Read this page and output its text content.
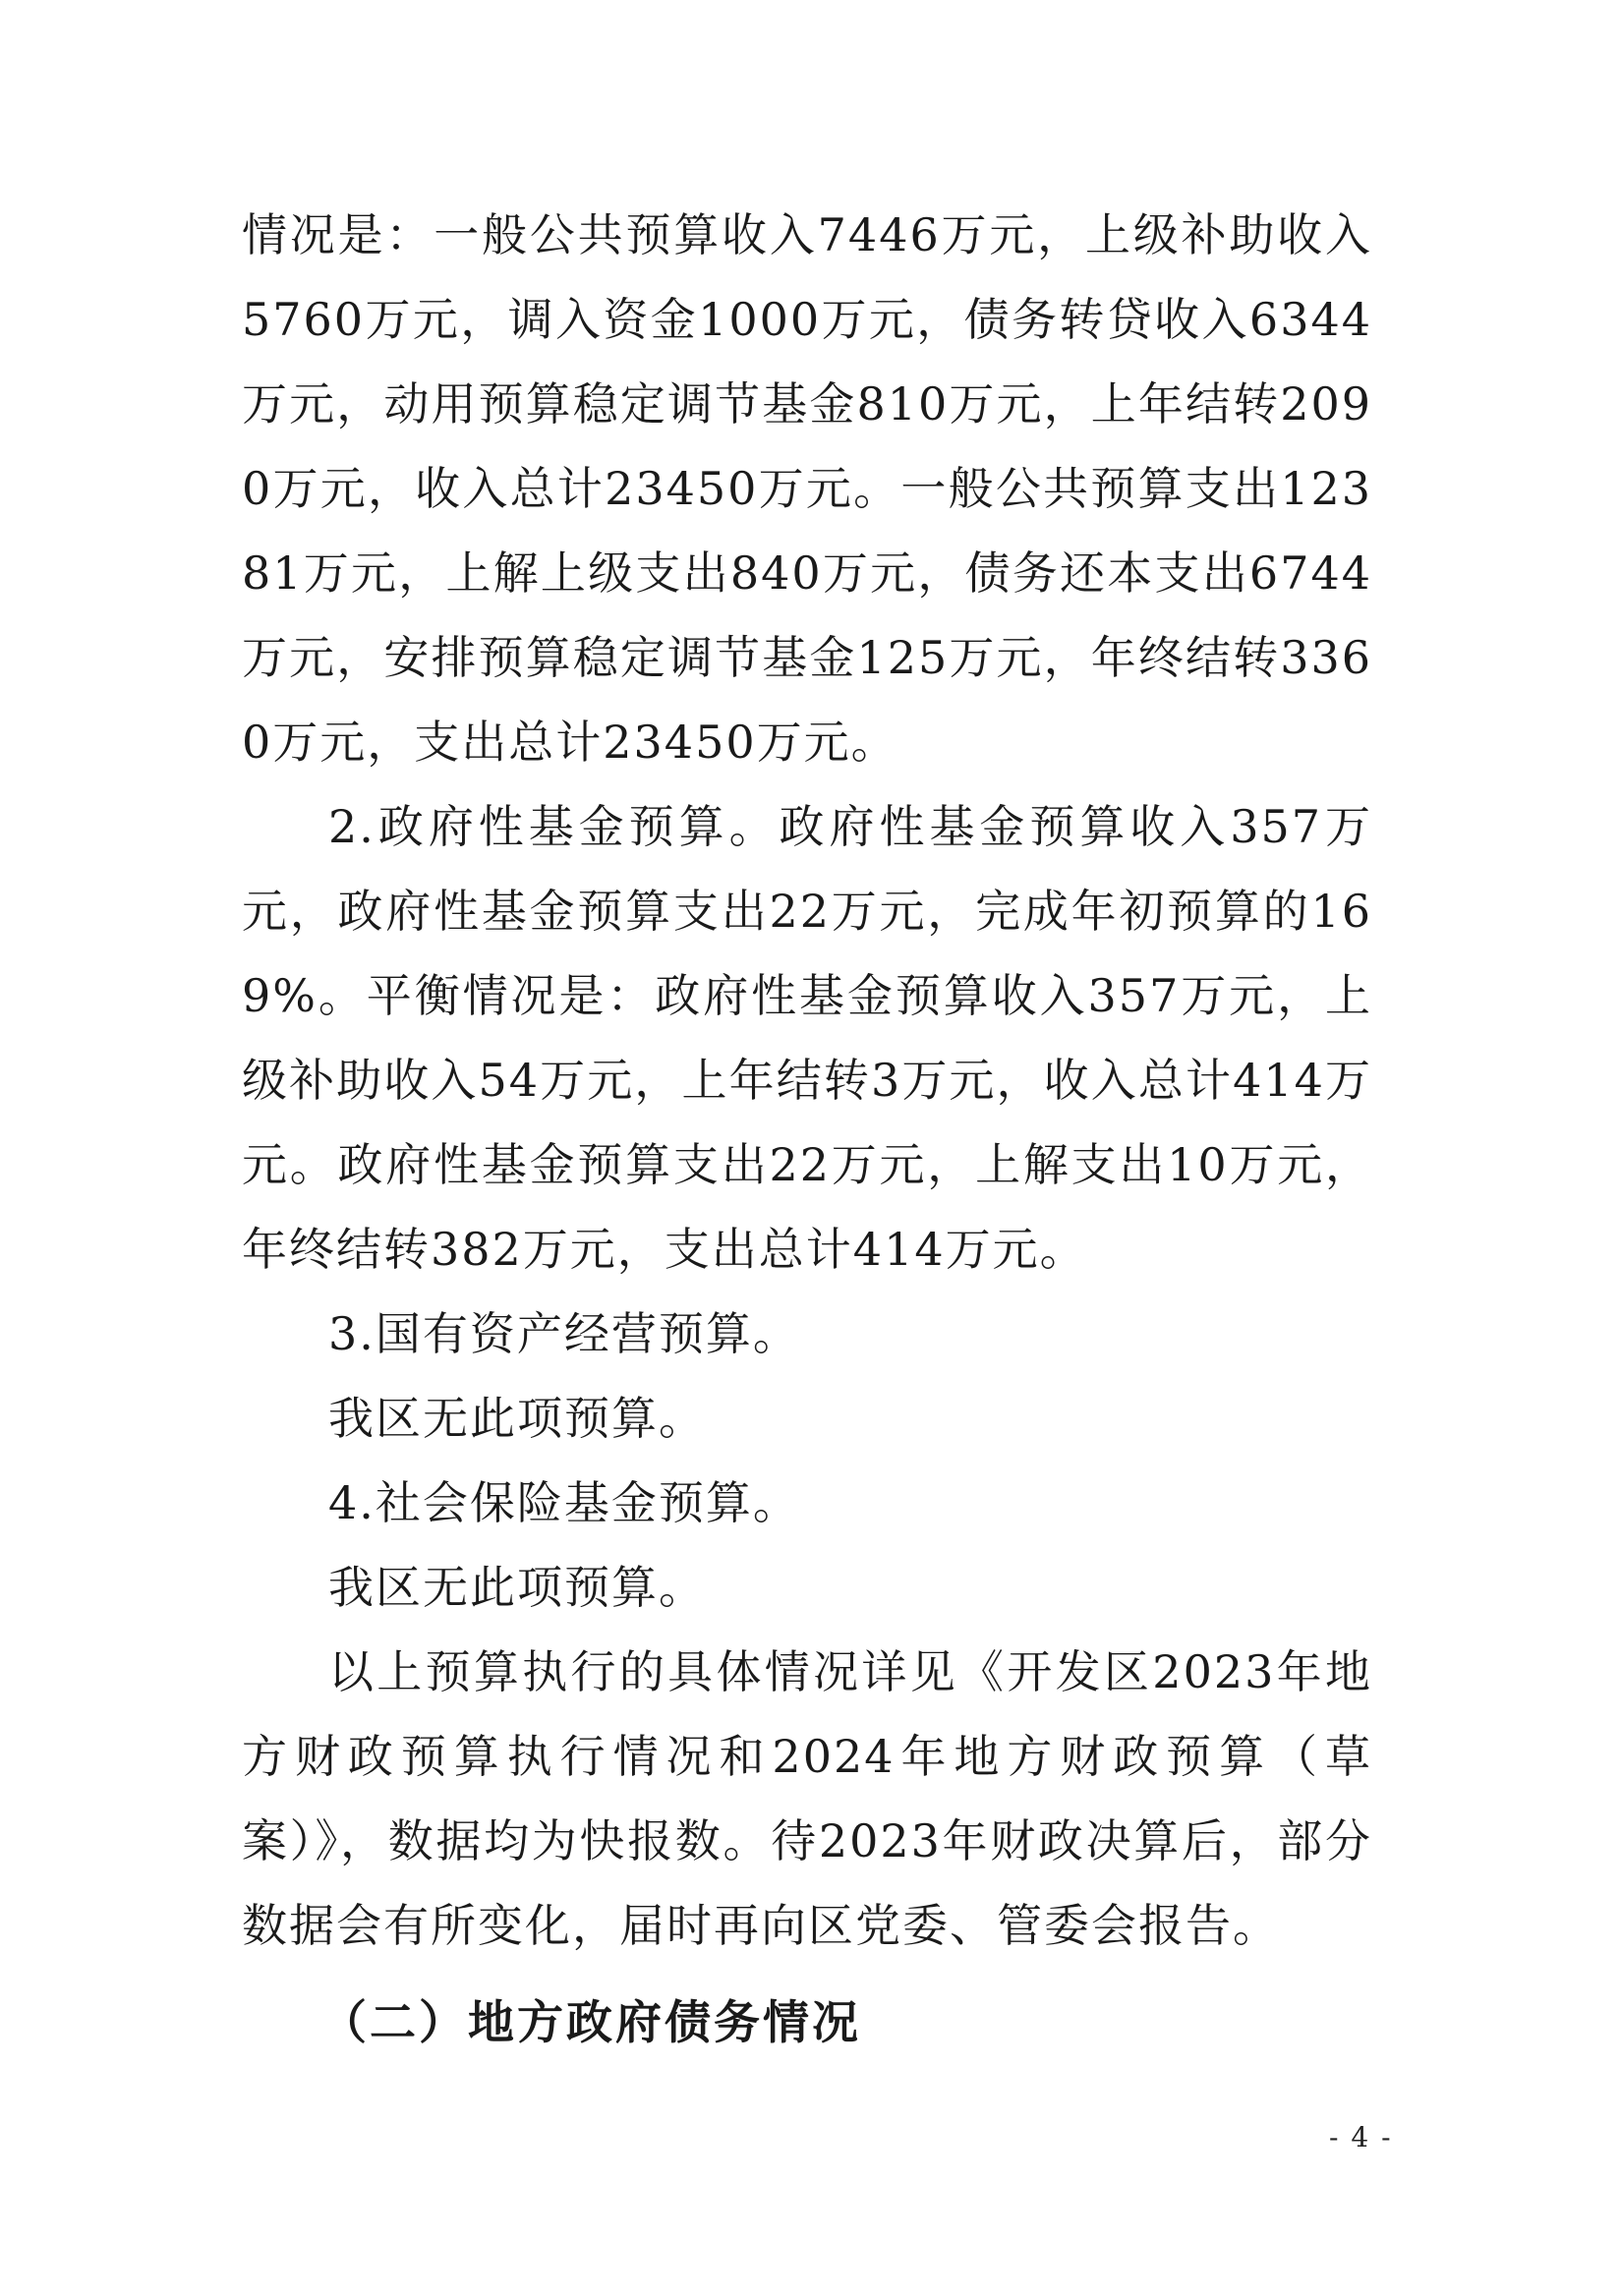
情况是：一般公共预算收入7446万元，上级补助收入5760万元，调入资金1000万元，债务转贷收入6344万元，动用预算稳定调节基金810万元，上年结转2090万元，收入总计23450万元。一般公共预算支出12381万元，上解上级支出840万元，债务还本支出6744万元，安排预算稳定调节基金125万元，年终结转3360万元，支出总计23450万元。

2.政府性基金预算。政府性基金预算收入357万元，政府性基金预算支出22万元，完成年初预算的169%。平衡情况是：政府性基金预算收入357万元，上级补助收入54万元，上年结转3万元，收入总计414万元。政府性基金预算支出22万元，上解支出10万元，年终结转382万元，支出总计414万元。

3.国有资产经营预算。

我区无此项预算。

4.社会保险基金预算。

我区无此项预算。

以上预算执行的具体情况详见《开发区2023年地方财政预算执行情况和2024年地方财政预算（草案）》，数据均为快报数。待2023年财政决算后，部分数据会有所变化，届时再向区党委、管委会报告。

（二）地方政府债务情况

- 4 -
